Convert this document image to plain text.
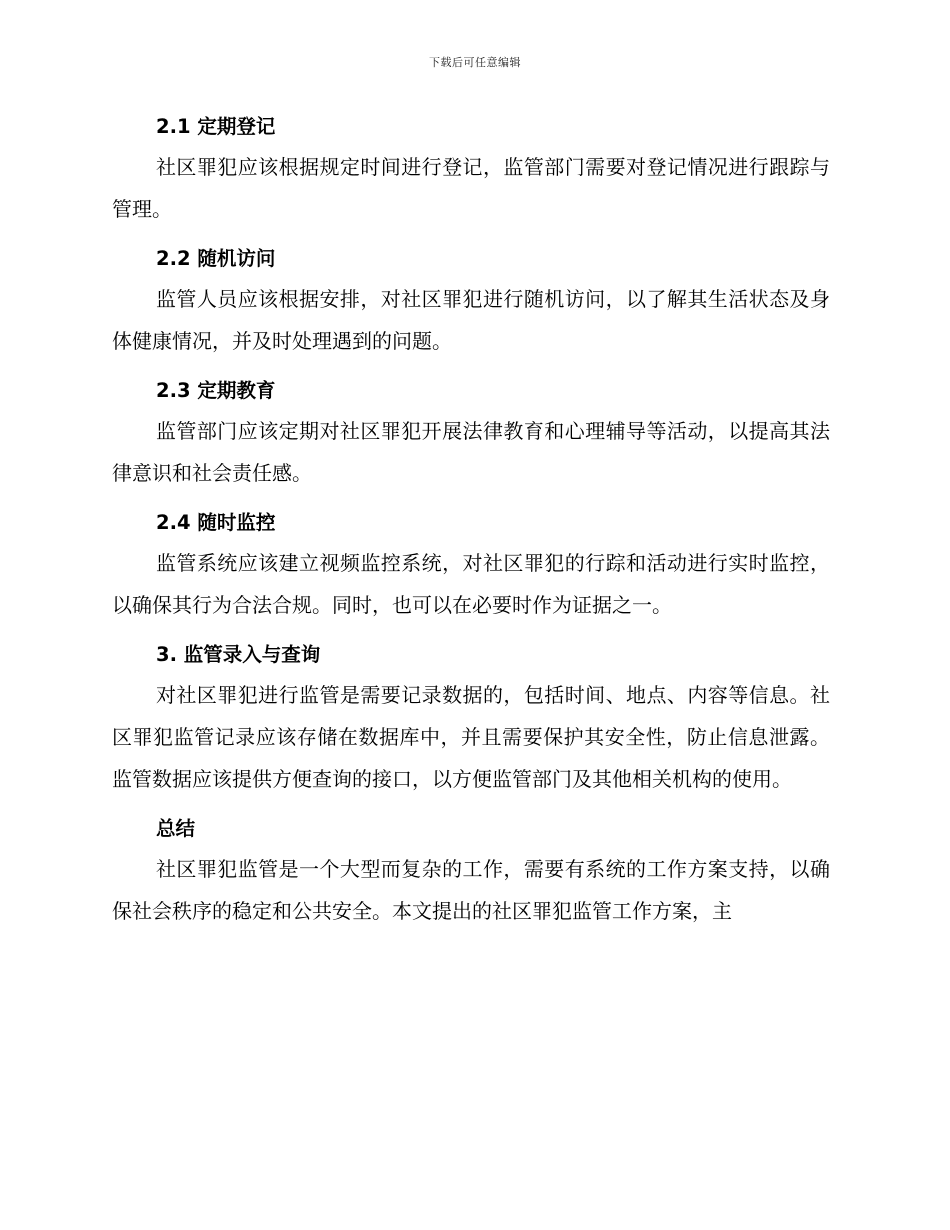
下载后可任意编辑
2.1 定期登记

社区罪犯应该根据规定时间进行登记，监管部门需要对登记情况进行跟踪与管理。

2.2 随机访问

监管人员应该根据安排，对社区罪犯进行随机访问，以了解其生活状态及身体健康情况，并及时处理遇到的问题。

2.3 定期教育

监管部门应该定期对社区罪犯开展法律教育和心理辅导等活动，以提高其法律意识和社会责任感。

2.4 随时监控

监管系统应该建立视频监控系统，对社区罪犯的行踪和活动进行实时监控，以确保其行为合法合规。同时，也可以在必要时作为证据之一。

3. 监管录入与查询

对社区罪犯进行监管是需要记录数据的，包括时间、地点、内容等信息。社区罪犯监管记录应该存储在数据库中，并且需要保护其安全性，防止信息泄露。监管数据应该提供方便查询的接口，以方便监管部门及其他相关机构的使用。

总结

社区罪犯监管是一个大型而复杂的工作，需要有系统的工作方案支持，以确保社会秩序的稳定和公共安全。本文提出的社区罪犯监管工作方案，主
